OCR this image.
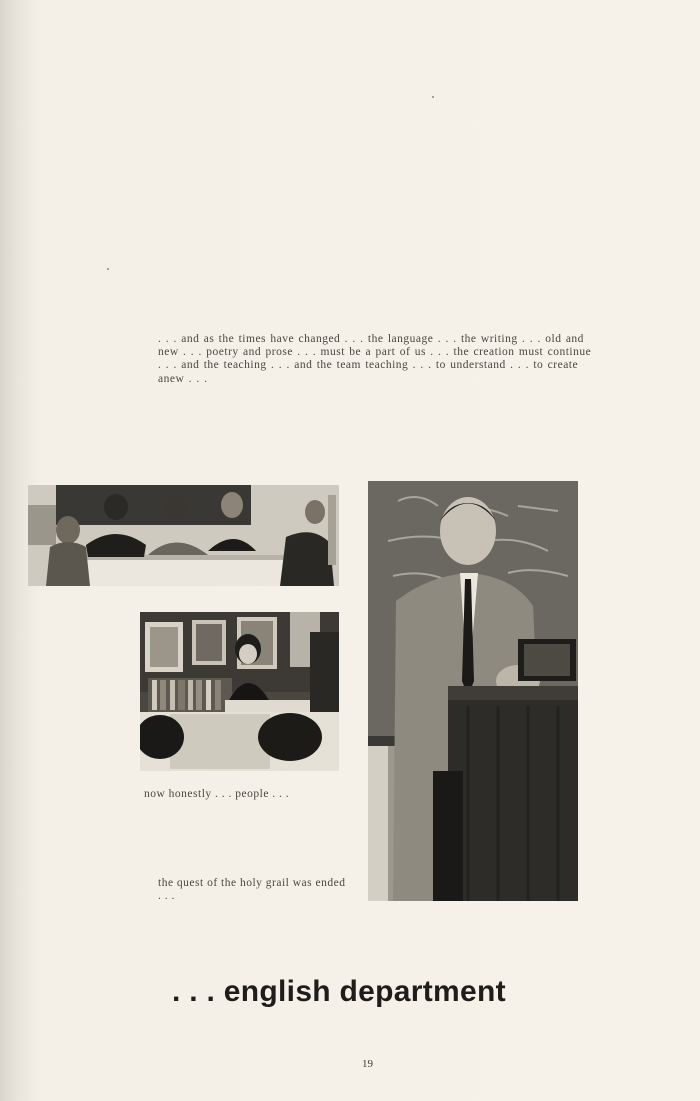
. . . and as the times have changed . . . the language . . . the writing . . . old and new . . . poetry and prose . . . must be a part of us . . . the creation must continue . . . and the teaching . . . and the team teaching . . . to understand . . . to create anew . . .

now honestly . . . people . . .

the quest of the holy grail was ended . . .

. . . english department
19
